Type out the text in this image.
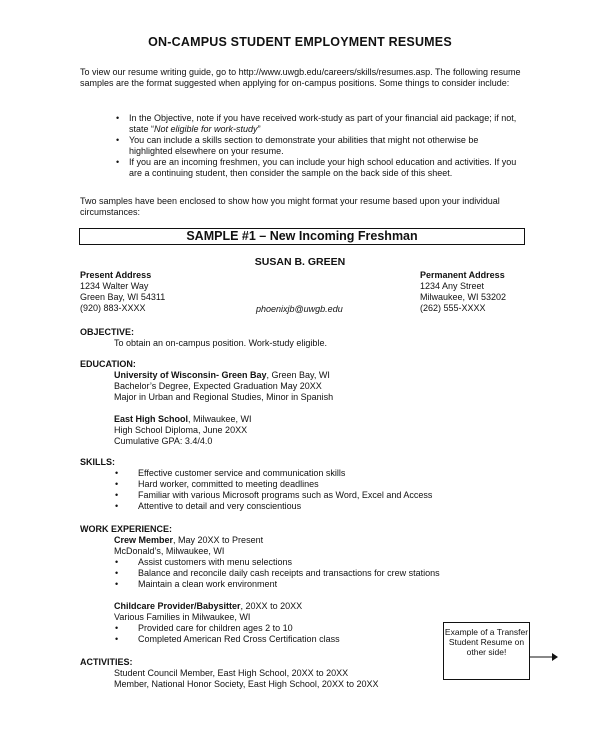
ON-CAMPUS STUDENT EMPLOYMENT RESUMES
To view our resume writing guide, go to http://www.uwgb.edu/careers/skills/resumes.asp. The following resume samples are the format suggested when applying for on-campus positions. Some things to consider include:
• In the Objective, note if you have received work-study as part of your financial aid package; if not, state “Not eligible for work-study”
• You can include a skills section to demonstrate your abilities that might not otherwise be highlighted elsewhere on your resume.
• If you are an incoming freshmen, you can include your high school education and activities. If you are a continuing student, then consider the sample on the back side of this sheet.
Two samples have been enclosed to show how you might format your resume based upon your individual circumstances:
SAMPLE #1 – New Incoming Freshman
SUSAN B. GREEN
Present Address
1234 Walter Way
Green Bay, WI 54311
(920) 883-XXXX	phoenixjb@uwgb.edu
Permanent Address
1234 Any Street
Milwaukee, WI 53202
(262) 555-XXXX
OBJECTIVE:
To obtain an on-campus position. Work-study eligible.
EDUCATION:
University of Wisconsin- Green Bay, Green Bay, WI
Bachelor’s Degree, Expected Graduation May 20XX
Major in Urban and Regional Studies, Minor in Spanish
East High School, Milwaukee, WI
High School Diploma, June 20XX
Cumulative GPA: 3.4/4.0
SKILLS:
• Effective customer service and communication skills
• Hard worker, committed to meeting deadlines
• Familiar with various Microsoft programs such as Word, Excel and Access
• Attentive to detail and very conscientious
WORK EXPERIENCE:
Crew Member, May 20XX to Present
McDonald’s, Milwaukee, WI
• Assist customers with menu selections
• Balance and reconcile daily cash receipts and transactions for crew stations
• Maintain a clean work environment
Childcare Provider/Babysitter, 20XX to 20XX
Various Families in Milwaukee, WI
• Provided care for children ages 2 to 10
• Completed American Red Cross Certification class
ACTIVITIES:
Student Council Member, East High School, 20XX to 20XX
Member, National Honor Society, East High School, 20XX to 20XX
Example of a Transfer Student Resume on other side!
